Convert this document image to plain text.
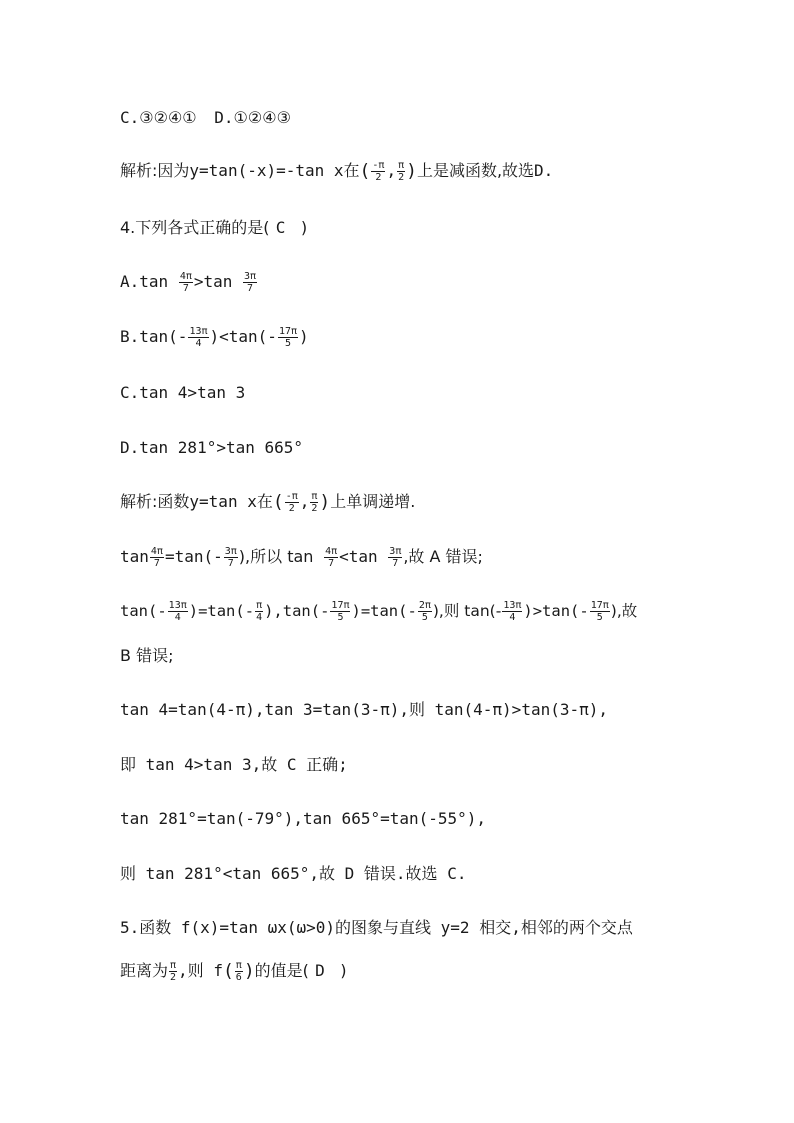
C.③②④① D.①②④③
解析:因为y=tan(-x)=-tan x在( $\frac{-\pi}{2}$ , $\frac{\pi}{2}$ )上是减函数,故选D.
4.下列各式正确的是( C )
$A.\tan \frac{4\pi}{7} >\tan \frac{3\pi}{7}$
$B.\tan(- \frac{13\pi}{4} )<\tan(- \frac{17\pi}{5}$ )
C.tan 4>tan 3
D.tan 281°>tan 665°
解析:函数y=tan x在( $\frac{-\pi}{2}$ , $\frac{\pi}{2}$ )上单调递增.
$\tan \frac{4\pi}{7} =\tan(- \frac{3\pi}{7}$ ),所以 $\tan \frac{4\pi}{7} <\tan \frac{3\pi}{7}$ ,故 A 错误;
$\tan(- \frac{13\pi}{4} )=\tan(- \frac{\pi}{4} ),\tan(- \frac{17\pi}{5} )=\tan(- \frac{2\pi}{5}$ ),则 $\tan(- \frac{13\pi}{4} )>\tan(- \frac{17\pi}{5}$ ),故
B 错误;
tan 4=tan(4-π),tan 3=tan(3-π),则 tan(4-π)>tan(3-π),
即 tan 4>tan 3,故 C 正确;
tan 281°=tan(-79°),tan 665°=tan(-55°),
则 tan 281°<tan 665°,故 D 错误.故选 C.
5.函数 f(x)=tan ωx(ω>0)的图象与直线 y=2 相交,相邻的两个交点
距离为 $\frac{\pi}{2}$ ,则 $f( \frac{\pi}{6}$ )的值是( D )
